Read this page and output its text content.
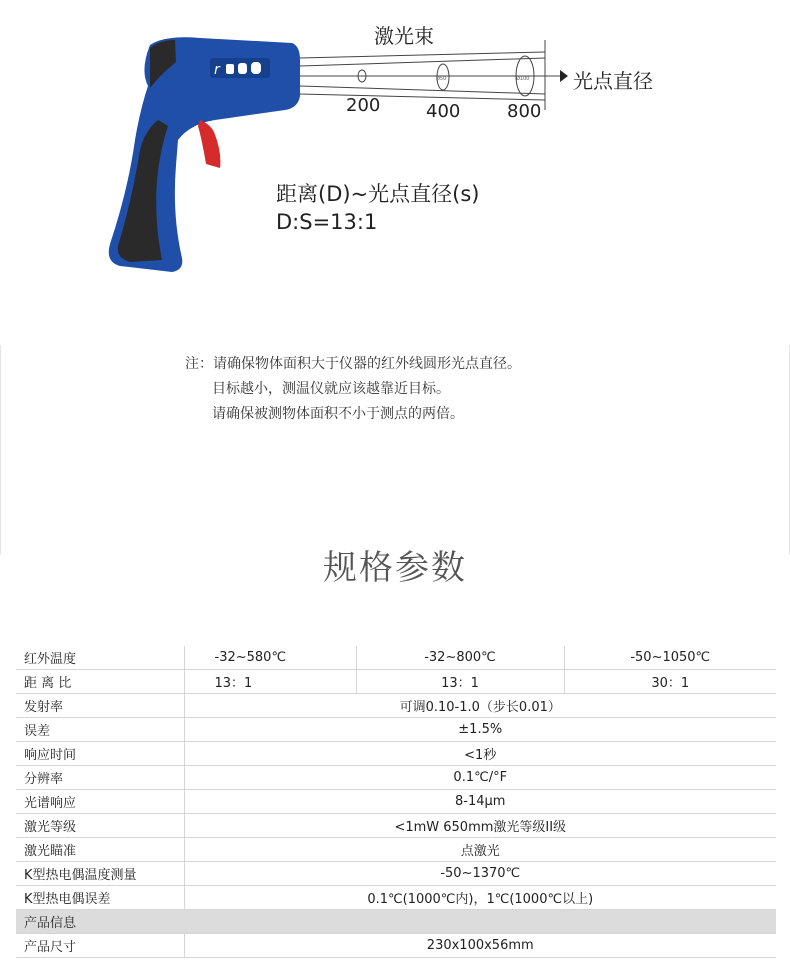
r
Ø50	Ø100
激光束
光点直径
200	400	800
距离(D)~光点直径(s)
D:S=13:1
注：请确保物体面积大于仪器的红外线圆形光点直径。
目标越小，测温仪就应该越靠近目标。
请确保被测物体面积不小于测点的两倍。
规格参数
红外温度	-32~580℃	-32~800℃	-50~1050℃
距 离 比	13：1	13：1	30：1
发射率	可调0.10-1.0（步长0.01）		
误差	±1.5%		
响应时间	<1秒		
分辨率	0.1℃/°F		
光谱响应	8-14μm		
激光等级	<1mW 650mm激光等级II级		
激光瞄准	点激光		
K型热电偶温度测量	-50~1370℃		
K型热电偶误差	0.1℃(1000℃内)，1℃(1000℃以上)		
产品信息			
产品尺寸	230x100x56mm		
